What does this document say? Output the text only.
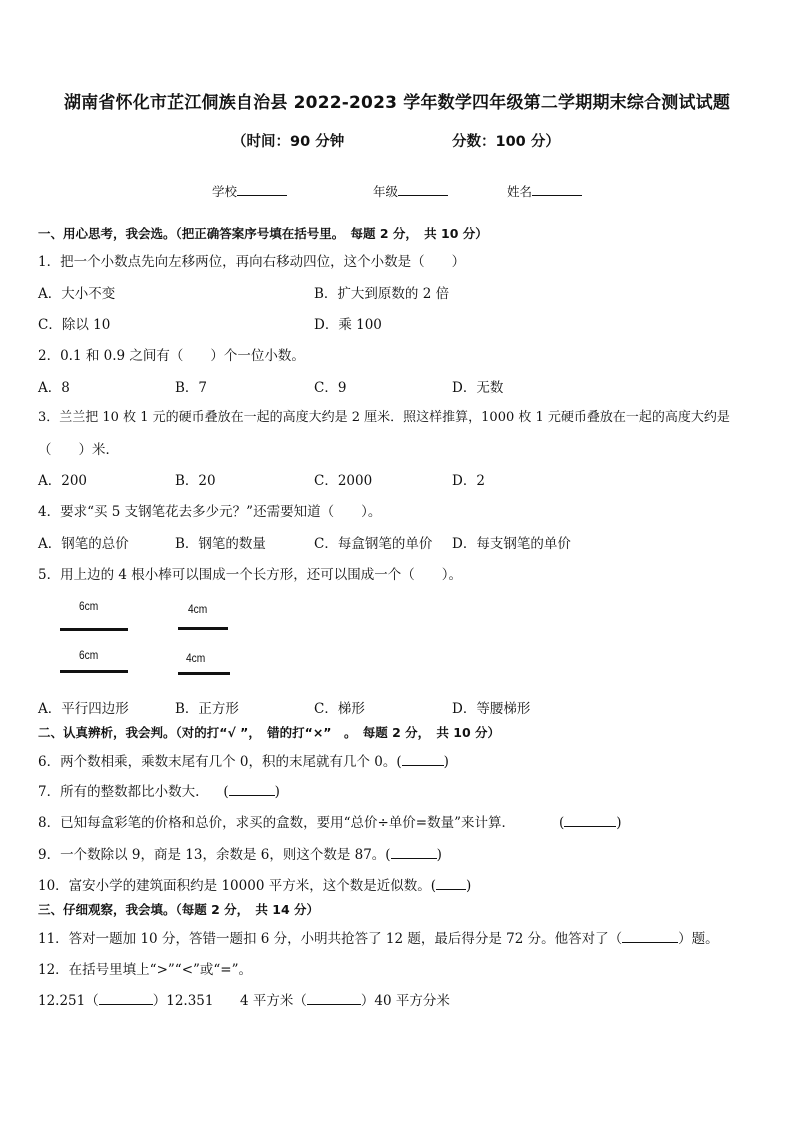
湖南省怀化市芷江侗族自治县 2022-2023 学年数学四年级第二学期期末综合测试试题
（时间：90 分钟	分数：100 分）
学校	年级	姓名
一、用心思考，我会选。（把正确答案序号填在括号里。　每题 2 分，　共 10 分）
1．把一个小数点先向左移两位，再向右移动四位，这个小数是（　　）
A．大小不变	B．扩大到原数的 2 倍
C．除以 10	D．乘 100
2．0.1 和 0.9 之间有（　　）个一位小数。
A．8	B．7	C．9	D．无数
3．兰兰把 10 枚 1 元的硬币叠放在一起的高度大约是 2 厘米．照这样推算，1000 枚 1 元硬币叠放在一起的高度大约是
（　　）米．
A．200	B．20	C．2000	D．2
4．要求“买 5 支钢笔花去多少元？”还需要知道（　　）。
A．钢笔的总价	B．钢笔的数量	C．每盒钢笔的单价 D．每支钢笔的单价
5．用上边的 4 根小棒可以围成一个长方形，还可以围成一个（　　）。
6cm	4cm
6cm	4cm
A．平行四边形	B．正方形	C．梯形	D．等腰梯形
二、认真辨析，我会判。（对的打“√ ”，　错的打“×”　。　每题 2 分，　共 10 分）
6．两个数相乘，乘数末尾有几个 0，积的末尾就有几个 0。(	)
7．所有的整数都比小数大. (	)
8．已知每盒彩笔的价格和总价，求买的盒数，要用“总价÷单价=数量”来计算．	(	)
9．一个数除以 9，商是 13，余数是 6，则这个数是 87。(	)
10．富安小学的建筑面积约是 10000 平方米，这个数是近似数。( )
三、仔细观察，我会填。（每题 2 分，　共 14 分）
11．答对一题加 10 分，答错一题扣 6 分，小明共抢答了 12 题，最后得分是 72 分。他答对了（	）题。
12．在括号里填上“>”“<”或“=”。
12.251（	）12.351 4 平方米（	）40 平方分米
